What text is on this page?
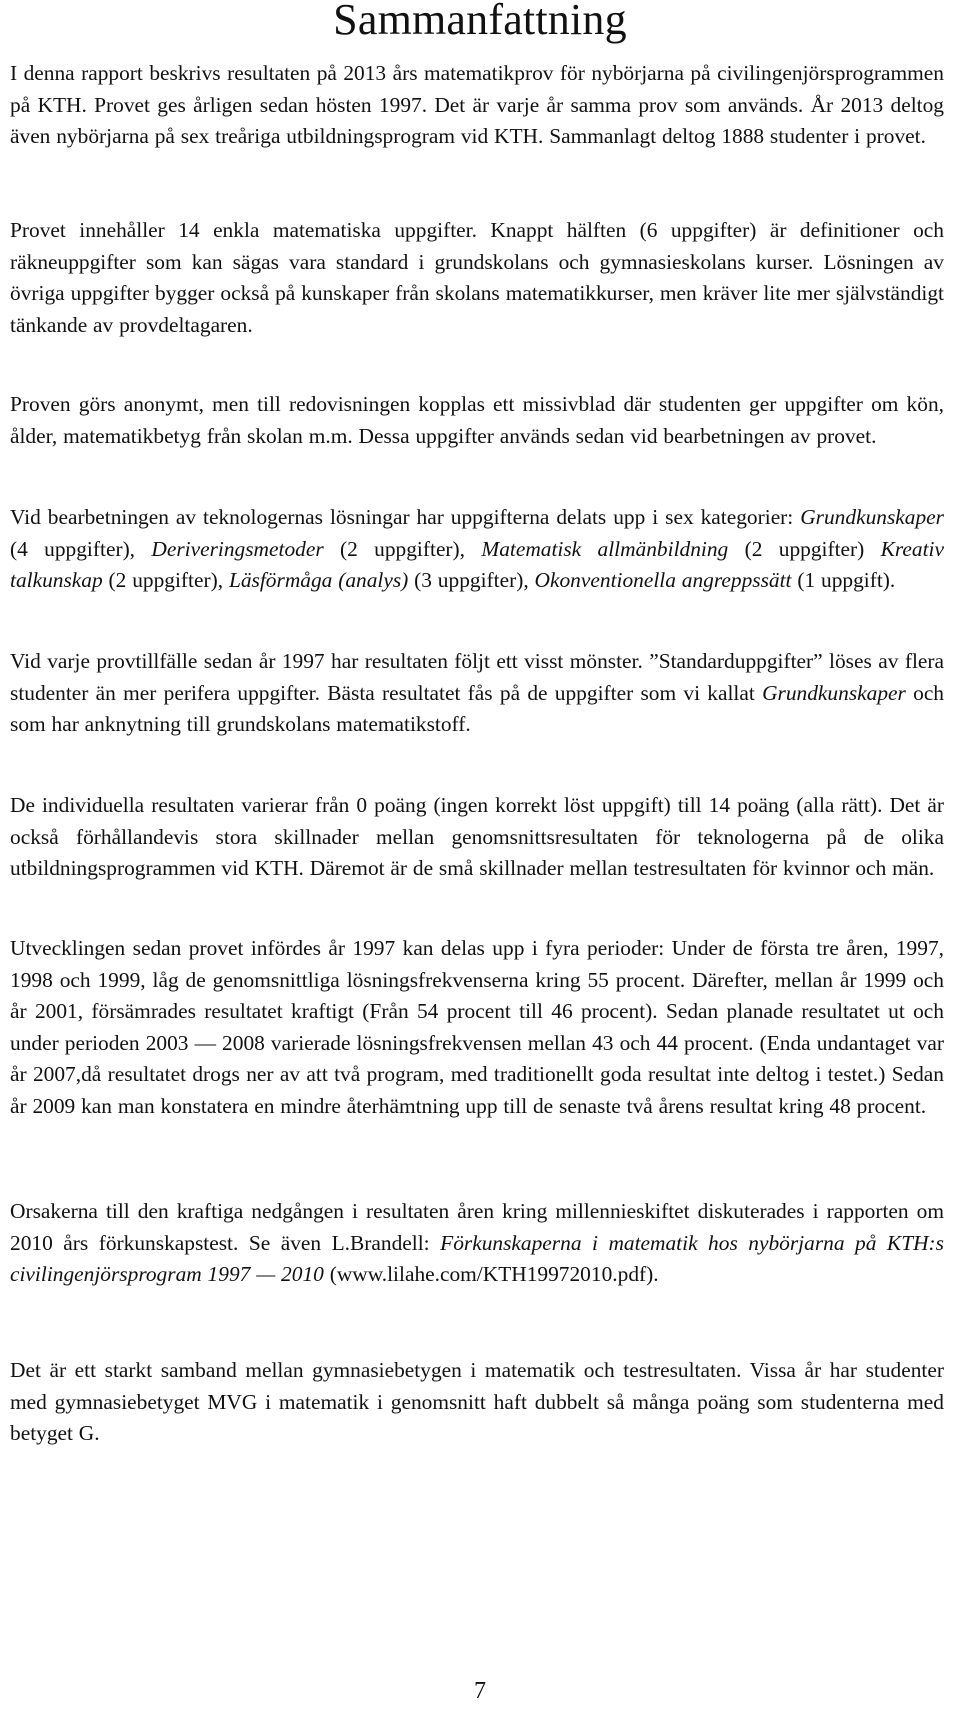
Sammanfattning

I denna rapport beskrivs resultaten på 2013 års matematikprov för nybörjarna på civilingenjörsprogrammen på KTH. Provet ges årligen sedan hösten 1997. Det är varje år samma prov som används. År 2013 deltog även nybörjarna på sex treåriga utbildningsprogram vid KTH. Sammanlagt deltog 1888 studenter i provet.

Provet innehåller 14 enkla matematiska uppgifter. Knappt hälften (6 uppgifter) är definitioner och räkneuppgifter som kan sägas vara standard i grundskolans och gymnasieskolans kurser. Lösningen av övriga uppgifter bygger också på kunskaper från skolans matematikkurser, men kräver lite mer självständigt tänkande av provdeltagaren.

Proven görs anonymt, men till redovisningen kopplas ett missivblad där studenten ger uppgifter om kön, ålder, matematikbetyg från skolan m.m. Dessa uppgifter används sedan vid bearbetningen av provet.

Vid bearbetningen av teknologernas lösningar har uppgifterna delats upp i sex kategorier: Grundkunskaper (4 uppgifter), Deriveringsmetoder (2 uppgifter), Matematisk allmänbildning (2 uppgifter) Kreativ talkunskap (2 uppgifter), Läsförmåga (analys) (3 uppgifter), Okonventionella angreppssätt (1 uppgift).

Vid varje provtillfälle sedan år 1997 har resultaten följt ett visst mönster. ”Standarduppgifter” löses av flera studenter än mer perifera uppgifter. Bästa resultatet fås på de uppgifter som vi kallat Grundkunskaper och som har anknytning till grundskolans matematikstoff.

De individuella resultaten varierar från 0 poäng (ingen korrekt löst uppgift) till 14 poäng (alla rätt). Det är också förhållandevis stora skillnader mellan genomsnittsresultaten för teknologerna på de olika utbildningsprogrammen vid KTH. Däremot är de små skillnader mellan testresultaten för kvinnor och män.

Utvecklingen sedan provet infördes år 1997 kan delas upp i fyra perioder: Under de första tre åren, 1997, 1998 och 1999, låg de genomsnittliga lösningsfrekvenserna kring 55 procent. Därefter, mellan år 1999 och år 2001, försämrades resultatet kraftigt (Från 54 procent till 46 procent). Sedan planade resultatet ut och under perioden 2003 — 2008 varierade lösningsfrekvensen mellan 43 och 44 procent. (Enda undantaget var år 2007,då resultatet drogs ner av att två program, med traditionellt goda resultat inte deltog i testet.) Sedan år 2009 kan man konstatera en mindre återhämtning upp till de senaste två årens resultat kring 48 procent.

Orsakerna till den kraftiga nedgången i resultaten åren kring millennieskiftet diskuterades i rapporten om 2010 års förkunskapstest. Se även L.Brandell: Förkunskaperna i matematik hos nybörjarna på KTH:s civilingenjörsprogram 1997 — 2010 (www.lilahe.com/KTH19972010.pdf).

Det är ett starkt samband mellan gymnasiebetygen i matematik och testresultaten. Vissa år har studenter med gymnasiebetyget MVG i matematik i genomsnitt haft dubbelt så många poäng som studenterna med betyget G.

7
